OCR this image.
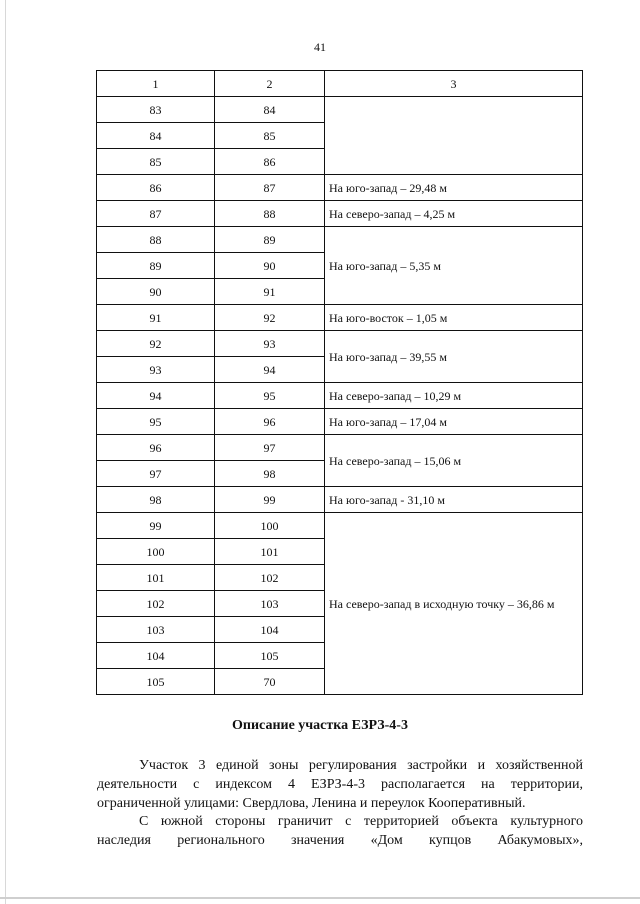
41
1	2	3
83	84	
84	85	
85	86	
86	87	На юго-запад – 29,48 м
87	88	На северо-запад – 4,25 м
88	89	На юго-запад – 5,35 м
89	90	
90	91	
91	92	На юго-восток – 1,05 м
92	93	На юго-запад – 39,55 м
93	94	
94	95	На северо-запад – 10,29 м
95	96	На юго-запад – 17,04 м
96	97	На северо-запад – 15,06 м
97	98	
98	99	На юго-запад - 31,10 м
99	100	На северо-запад в исходную точку – 36,86 м
100	101	
101	102	
102	103	
103	104	
104	105	
105	70	
Описание участка ЕЗРЗ-4-3
Участок 3 единой зоны регулирования застройки и хозяйственной
деятельности с индексом 4 ЕЗРЗ-4-3 располагается на территории,
ограниченной улицами: Свердлова, Ленина и переулок Кооперативный.
С южной стороны граничит с территорией объекта культурного
наследия регионального значения «Дом купцов Абакумовых»,
